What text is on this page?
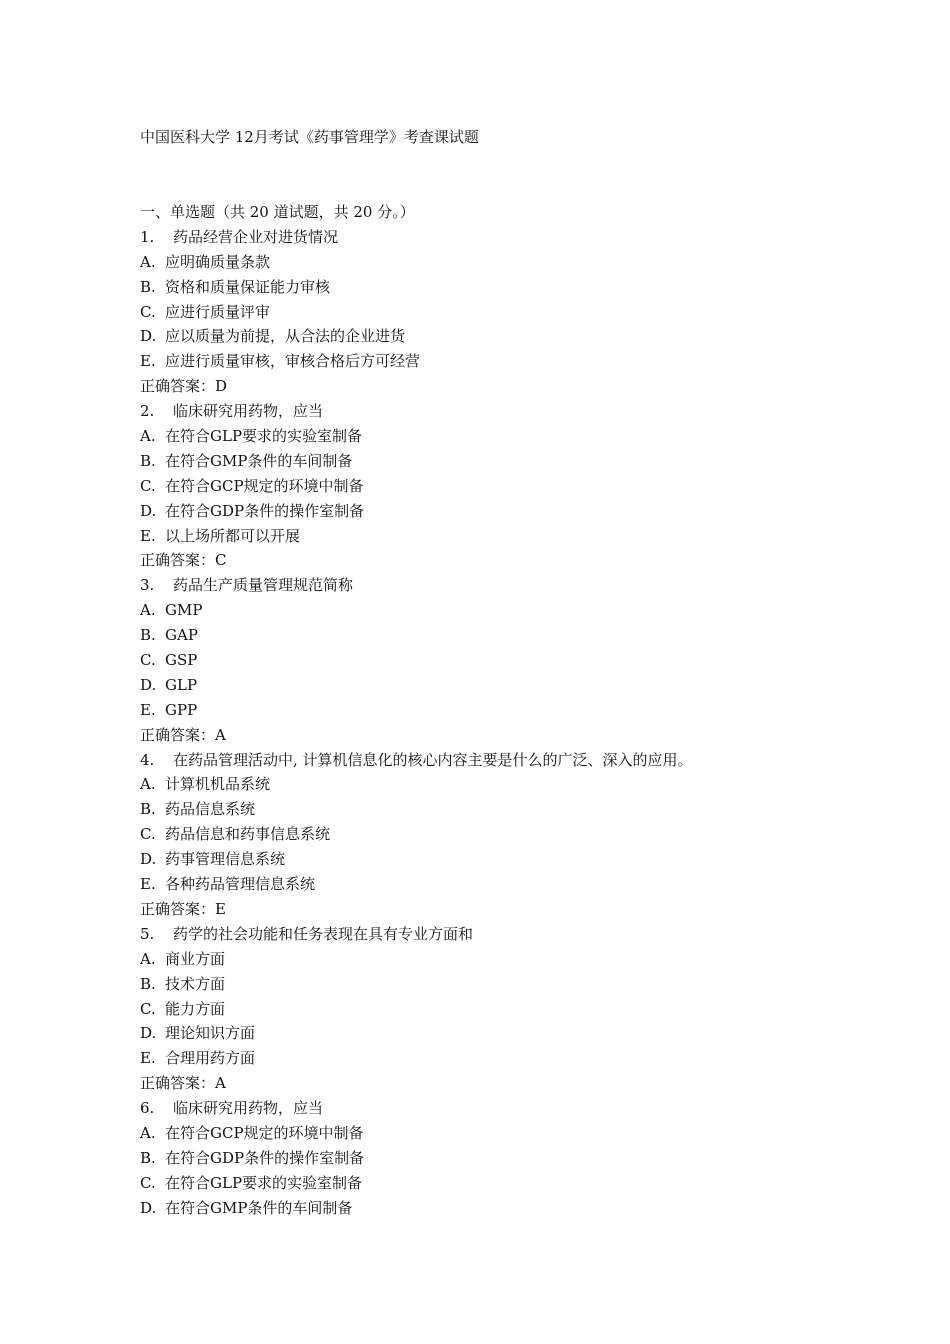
中国医科大学 12月考试《药事管理学》考查课试题
一、单选题（共 20 道试题，共 20 分。）
1. 药品经营企业对进货情况
A. 应明确质量条款
B. 资格和质量保证能力审核
C. 应进行质量评审
D. 应以质量为前提，从合法的企业进货
E. 应进行质量审核，审核合格后方可经营
正确答案：D
2. 临床研究用药物，应当
A. 在符合GLP要求的实验室制备
B. 在符合GMP条件的车间制备
C. 在符合GCP规定的环境中制备
D. 在符合GDP条件的操作室制备
E. 以上场所都可以开展
正确答案：C
3. 药品生产质量管理规范简称
A. GMP
B. GAP
C. GSP
D. GLP
E. GPP
正确答案：A
4. 在药品管理活动中, 计算机信息化的核心内容主要是什么的广泛、深入的应用。
A. 计算机机品系统
B. 药品信息系统
C. 药品信息和药事信息系统
D. 药事管理信息系统
E. 各种药品管理信息系统
正确答案：E
5. 药学的社会功能和任务表现在具有专业方面和
A. 商业方面
B. 技术方面
C. 能力方面
D. 理论知识方面
E. 合理用药方面
正确答案：A
6. 临床研究用药物，应当
A. 在符合GCP规定的环境中制备
B. 在符合GDP条件的操作室制备
C. 在符合GLP要求的实验室制备
D. 在符合GMP条件的车间制备
